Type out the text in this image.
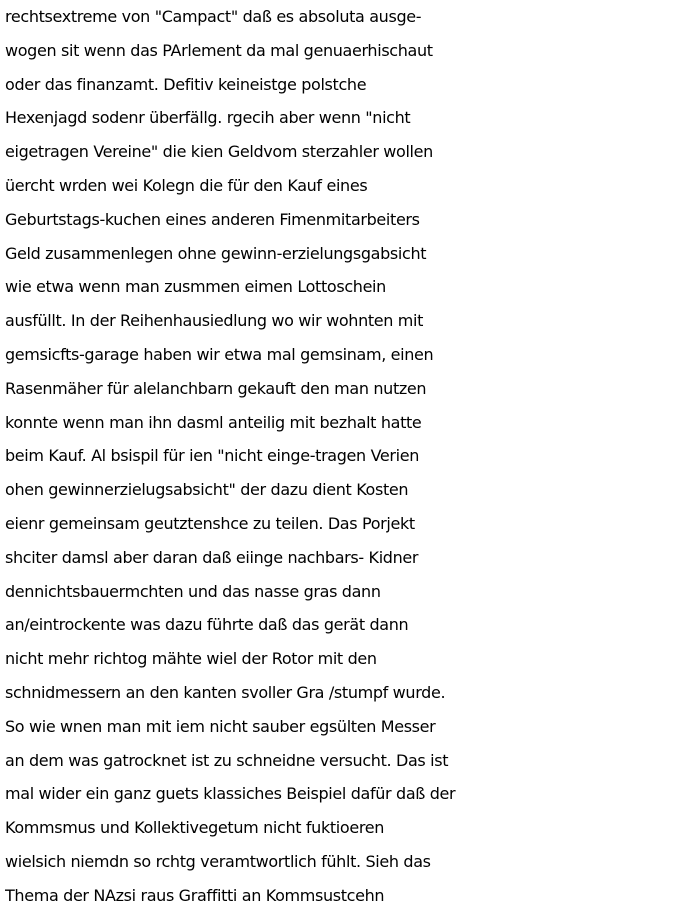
rechtsextreme von "Campact" daß es absoluta ausge-
wogen sit wenn das PArlement da mal genuaerhischaut
oder das finanzamt. Defitiv keineistge polstche
Hexenjagd sodenr überfällg. rgecih aber wenn "nicht
eigetragen Vereine" die kien Geldvom sterzahler wollen
üercht wrden wei Kolegn die für den Kauf eines
Geburtstags-kuchen eines anderen Fimenmitarbeiters
Geld zusammenlegen ohne gewinn-erzielungsgabsicht
wie etwa wenn man zusmmen eimen Lottoschein
ausfüllt. In der Reihenhausiedlung wo wir wohnten mit
gemsicfts-garage haben wir etwa mal gemsinam, einen
Rasenmäher für alelanchbarn gekauft den man nutzen
konnte wenn man ihn dasml anteilig mit bezhalt hatte
beim Kauf. Al bsispil für ien "nicht einge-tragen Verien
ohen gewinnerzielugsabsicht" der dazu dient Kosten
eienr gemeinsam geutztenshce zu teilen. Das Porjekt
shciter damsl aber daran daß eiinge nachbars- Kidner
dennichtsbauermchten und das nasse gras dann
an/eintrockente was dazu führte daß das gerät dann
nicht mehr richtog mähte wiel der Rotor mit den
schnidmessern an den kanten svoller Gra /stumpf wurde.
So wie wnen man mit iem nicht sauber egsülten Messer
an dem was gatrocknet ist zu schneidne versucht. Das ist
mal wider ein ganz guets klassiches Beispiel dafür daß der
Kommsmus und Kollektivegetum nicht fuktioeren
wielsich niemdn so rchtg veramtwortlich fühlt. Sieh das
Thema der NAzsi raus Graffitti an Kommsustcehn
